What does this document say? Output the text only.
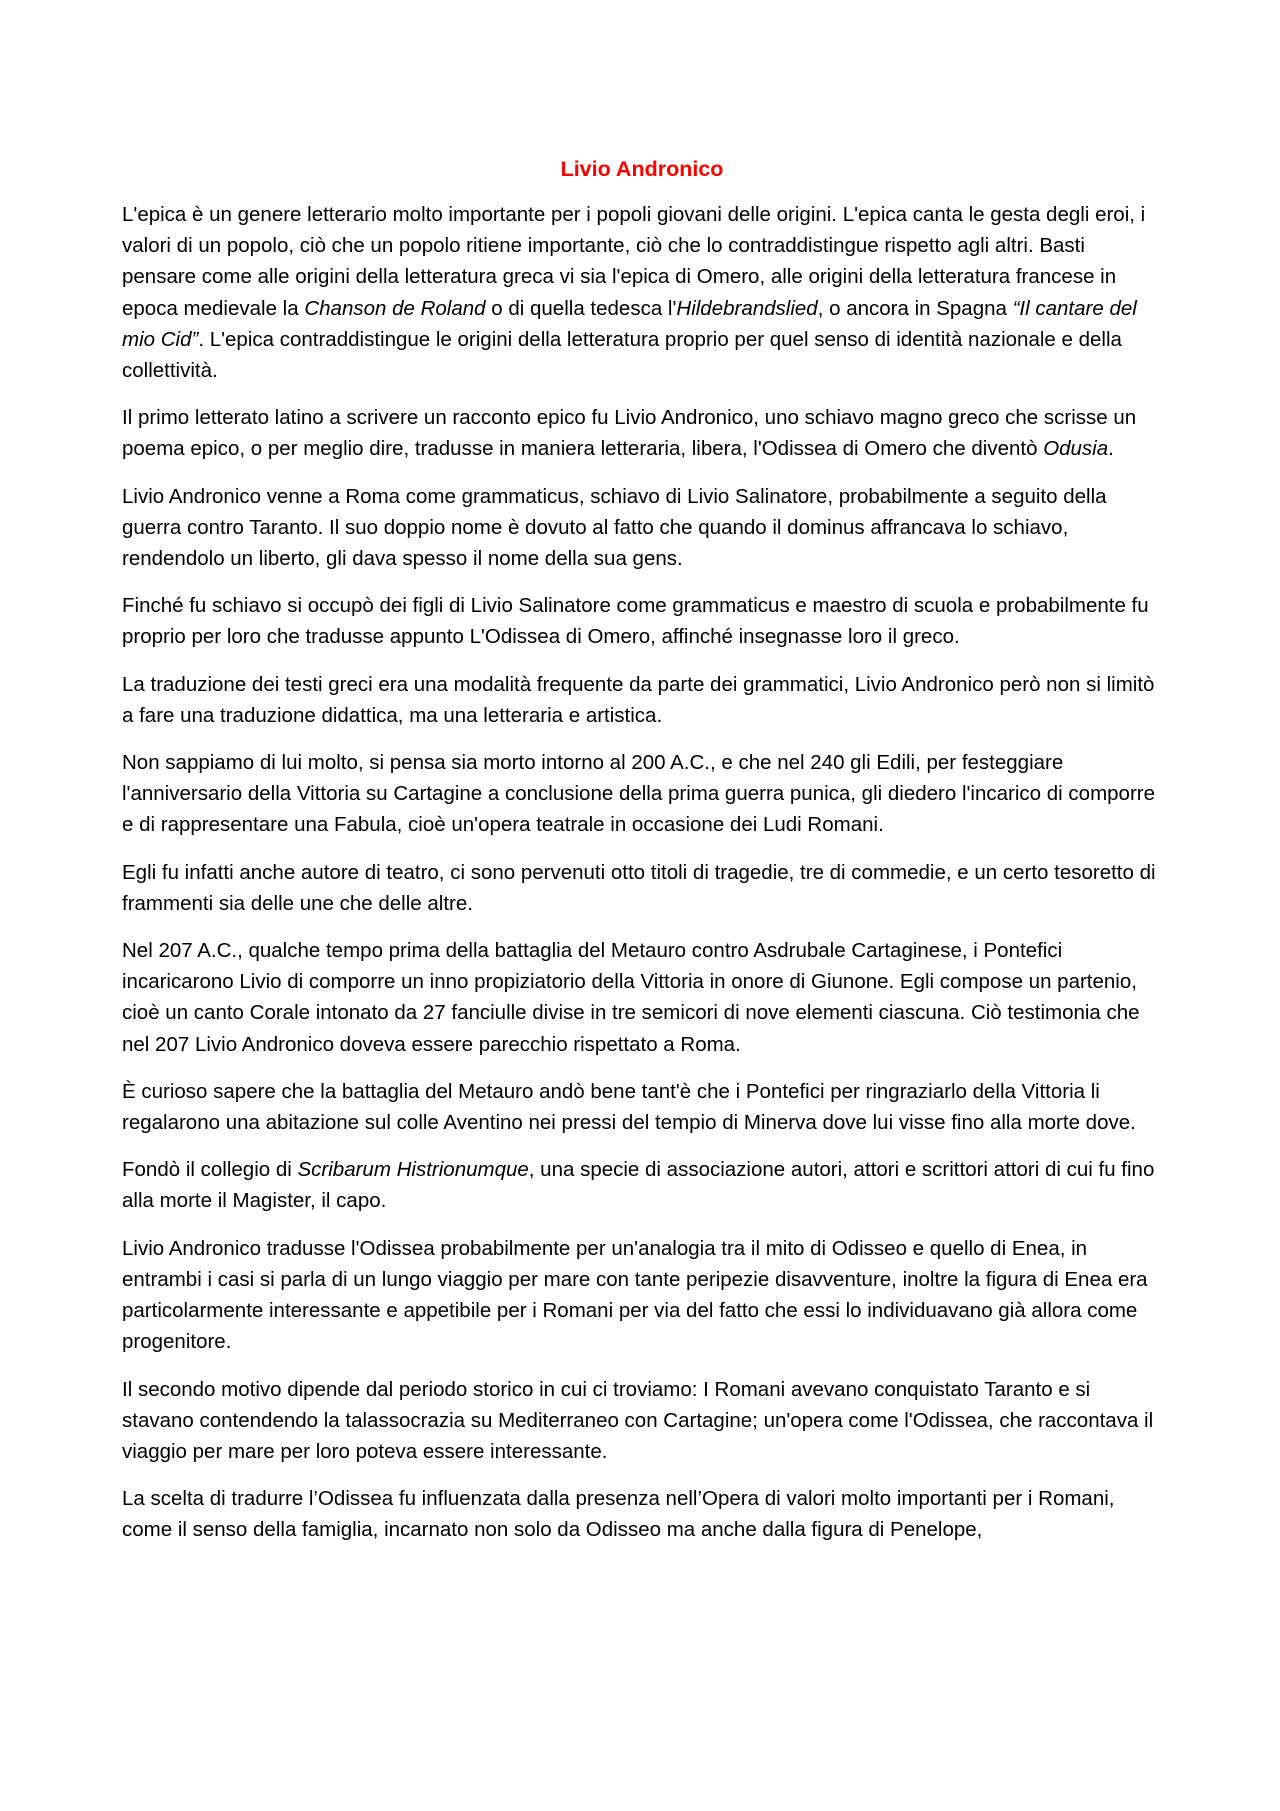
Livio Andronico

L'epica è un genere letterario molto importante per i popoli giovani delle origini. L'epica canta le gesta degli eroi, i valori di un popolo, ciò che un popolo ritiene importante, ciò che lo contraddistingue rispetto agli altri. Basti pensare come alle origini della letteratura greca vi sia l'epica di Omero, alle origini della letteratura francese in epoca medievale la Chanson de Roland o di quella tedesca l'Hildebrandslied, o ancora in Spagna “Il cantare del mio Cid”. L'epica contraddistingue le origini della letteratura proprio per quel senso di identità nazionale e della collettività.

Il primo letterato latino a scrivere un racconto epico fu Livio Andronico, uno schiavo magno greco che scrisse un poema epico, o per meglio dire, tradusse in maniera letteraria, libera, l'Odissea di Omero che diventò Odusia.

Livio Andronico venne a Roma come grammaticus, schiavo di Livio Salinatore, probabilmente a seguito della guerra contro Taranto. Il suo doppio nome è dovuto al fatto che quando il dominus affrancava lo schiavo, rendendolo un liberto, gli dava spesso il nome della sua gens.

Finché fu schiavo si occupò dei figli di Livio Salinatore come grammaticus e maestro di scuola e probabilmente fu proprio per loro che tradusse appunto L'Odissea di Omero, affinché insegnasse loro il greco.

La traduzione dei testi greci era una modalità frequente da parte dei grammatici, Livio Andronico però non si limitò a fare una traduzione didattica, ma una letteraria e artistica.

Non sappiamo di lui molto, si pensa sia morto intorno al 200 A.C., e che nel 240 gli Edili, per festeggiare l'anniversario della Vittoria su Cartagine a conclusione della prima guerra punica, gli diedero l'incarico di comporre e di rappresentare una Fabula, cioè un'opera teatrale in occasione dei Ludi Romani.

Egli fu infatti anche autore di teatro, ci sono pervenuti otto titoli di tragedie, tre di commedie, e un certo tesoretto di frammenti sia delle une che delle altre.

Nel 207 A.C., qualche tempo prima della battaglia del Metauro contro Asdrubale Cartaginese, i Pontefici incaricarono Livio di comporre un inno propiziatorio della Vittoria in onore di Giunone. Egli compose un partenio, cioè un canto Corale intonato da 27 fanciulle divise in tre semicori di nove elementi ciascuna. Ciò testimonia che nel 207 Livio Andronico doveva essere parecchio rispettato a Roma.

È curioso sapere che la battaglia del Metauro andò bene tant'è che i Pontefici per ringraziarlo della Vittoria li regalarono una abitazione sul colle Aventino nei pressi del tempio di Minerva dove lui visse fino alla morte dove.

Fondò il collegio di Scribarum Histrionumque, una specie di associazione autori, attori e scrittori attori di cui fu fino alla morte il Magister, il capo.

Livio Andronico tradusse l'Odissea probabilmente per un'analogia tra il mito di Odisseo e quello di Enea, in entrambi i casi si parla di un lungo viaggio per mare con tante peripezie disavventure, inoltre la figura di Enea era particolarmente interessante e appetibile per i Romani per via del fatto che essi lo individuavano già allora come progenitore.

Il secondo motivo dipende dal periodo storico in cui ci troviamo: I Romani avevano conquistato Taranto e si stavano contendendo la talassocrazia su Mediterraneo con Cartagine; un'opera come l'Odissea, che raccontava il viaggio per mare per loro poteva essere interessante.

La scelta di tradurre l’Odissea fu influenzata dalla presenza nell’Opera di valori molto importanti per i Romani, come il senso della famiglia, incarnato non solo da Odisseo ma anche dalla figura di Penelope,
